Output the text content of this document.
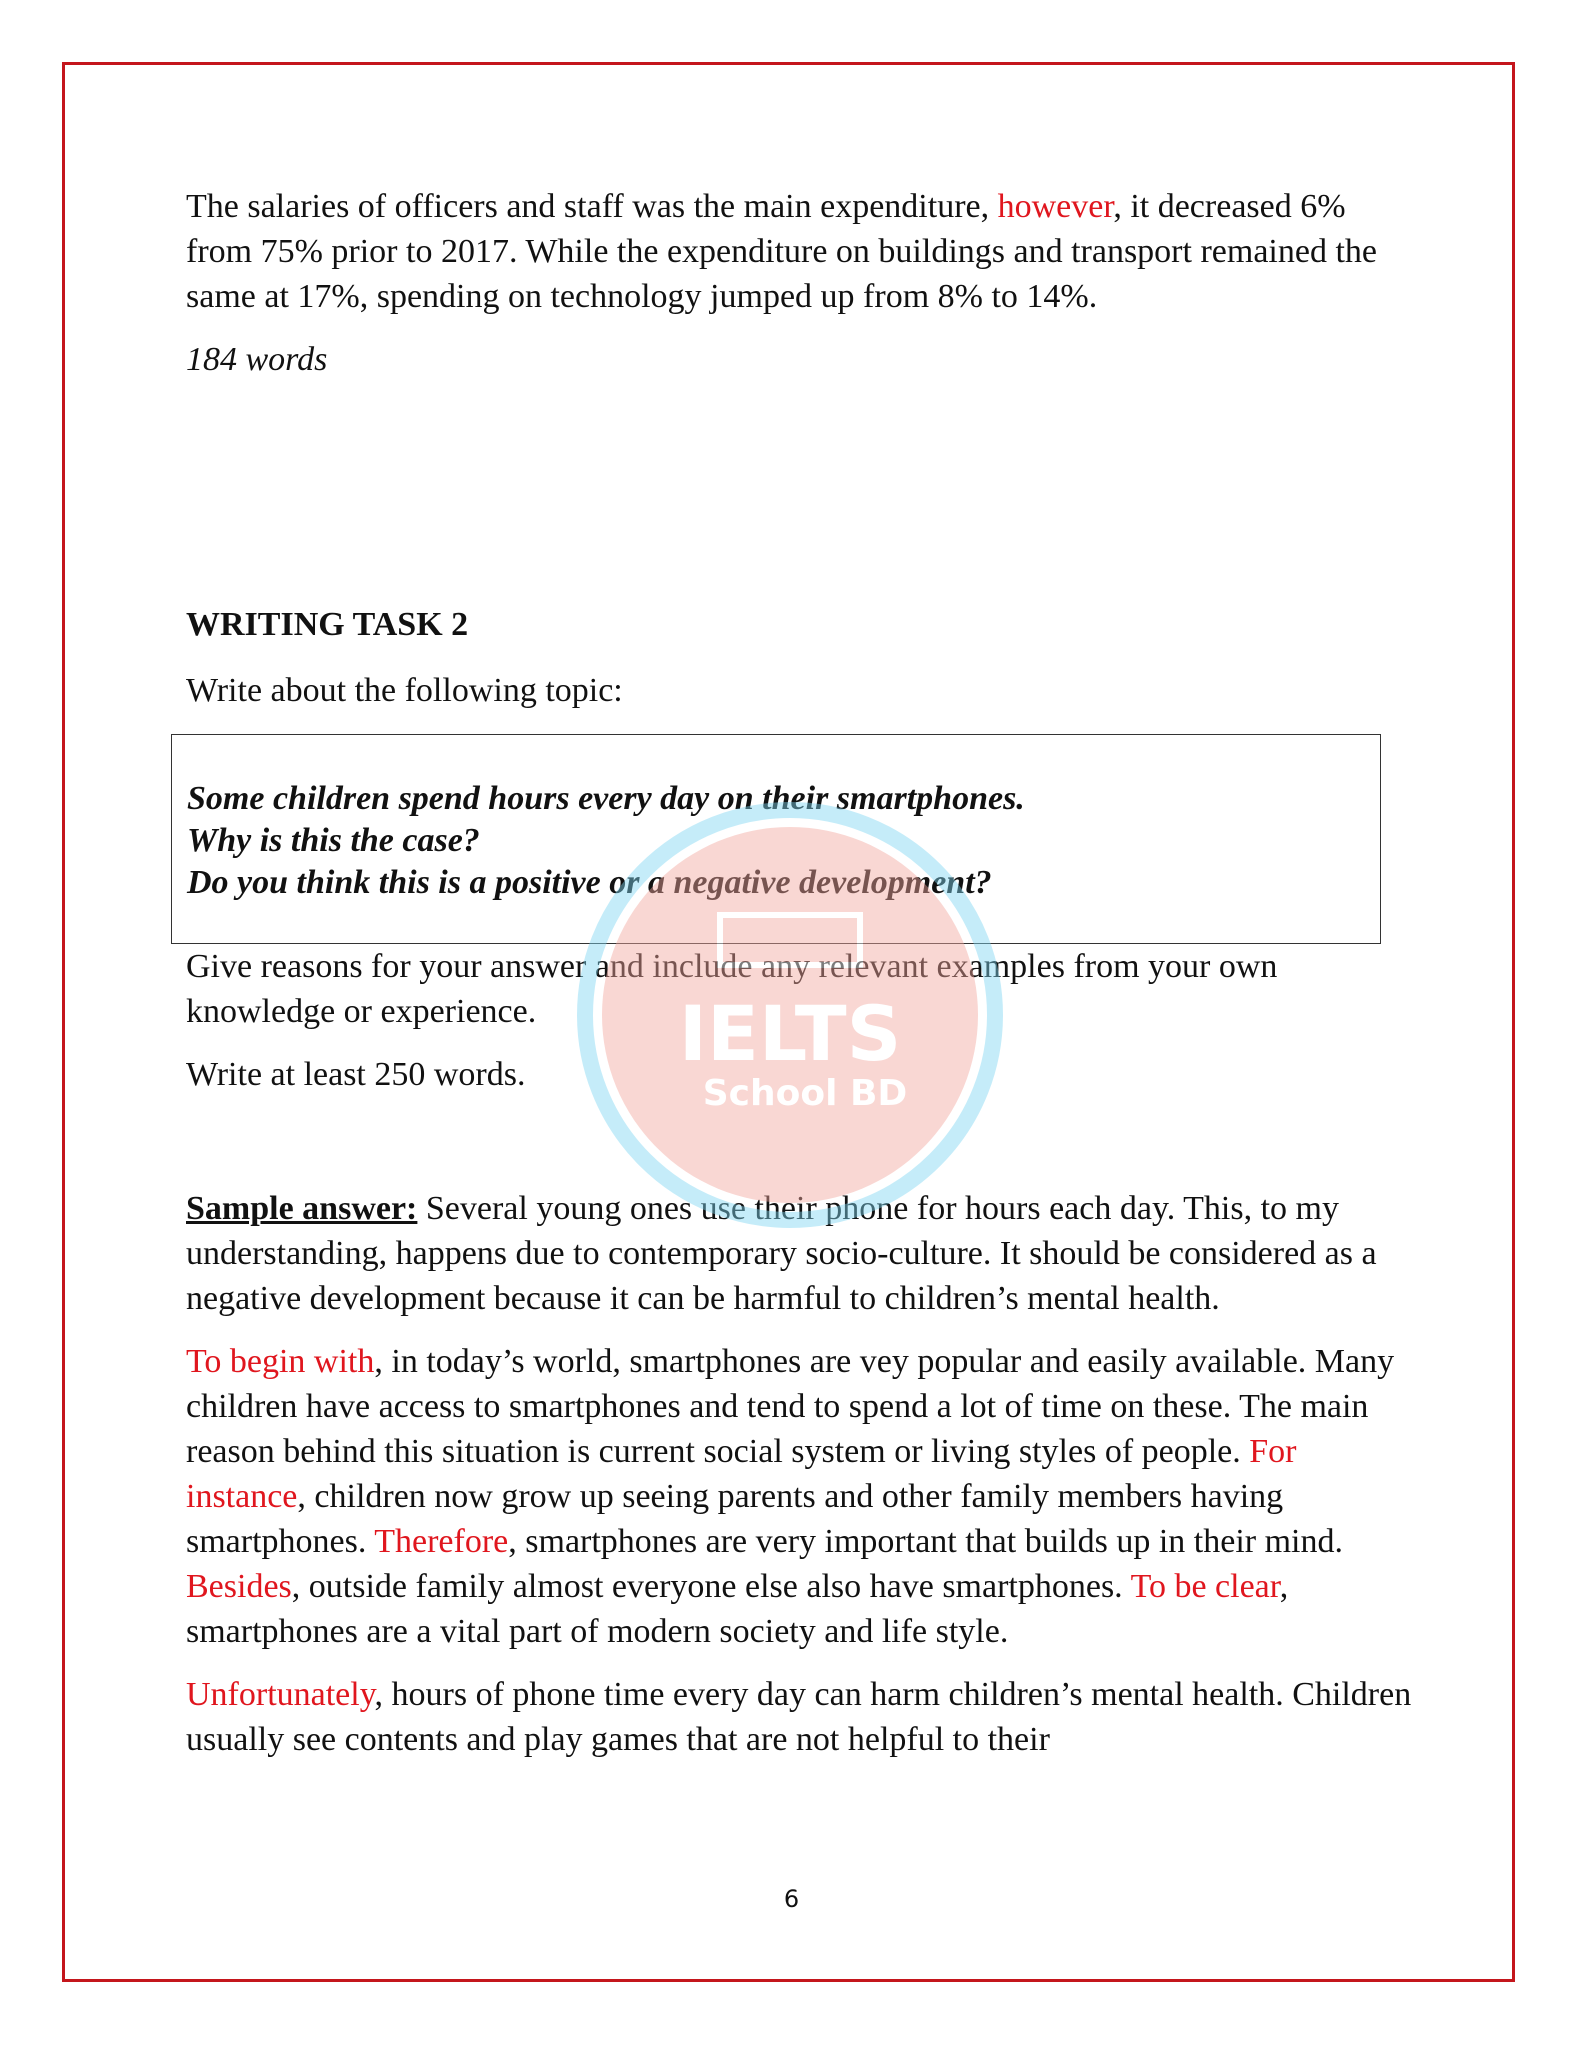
The salaries of officers and staff was the main expenditure, however, it decreased 6% from 75% prior to 2017. While the expenditure on buildings and transport remained the same at 17%, spending on technology jumped up from 8% to 14%.

184 words

WRITING TASK 2
Write about the following topic:
Some children spend hours every day on their smartphones.
Why is this the case?
Do you think this is a positive or a negative development?

Give reasons for your answer and include any relevant examples from your own knowledge or experience.

Write at least 250 words.

Sample answer: Several young ones use their phone for hours each day. This, to my understanding, happens due to contemporary socio-culture. It should be considered as a negative development because it can be harmful to children’s mental health.

To begin with, in today’s world, smartphones are vey popular and easily available. Many children have access to smartphones and tend to spend a lot of time on these. The main reason behind this situation is current social system or living styles of people. For instance, children now grow up seeing parents and other family members having smartphones. Therefore, smartphones are very important that builds up in their mind. Besides, outside family almost everyone else also have smartphones. To be clear, smartphones are a vital part of modern society and life style.

Unfortunately, hours of phone time every day can harm children’s mental health. Children usually see contents and play games that are not helpful to their

IELTS
School BD
6
